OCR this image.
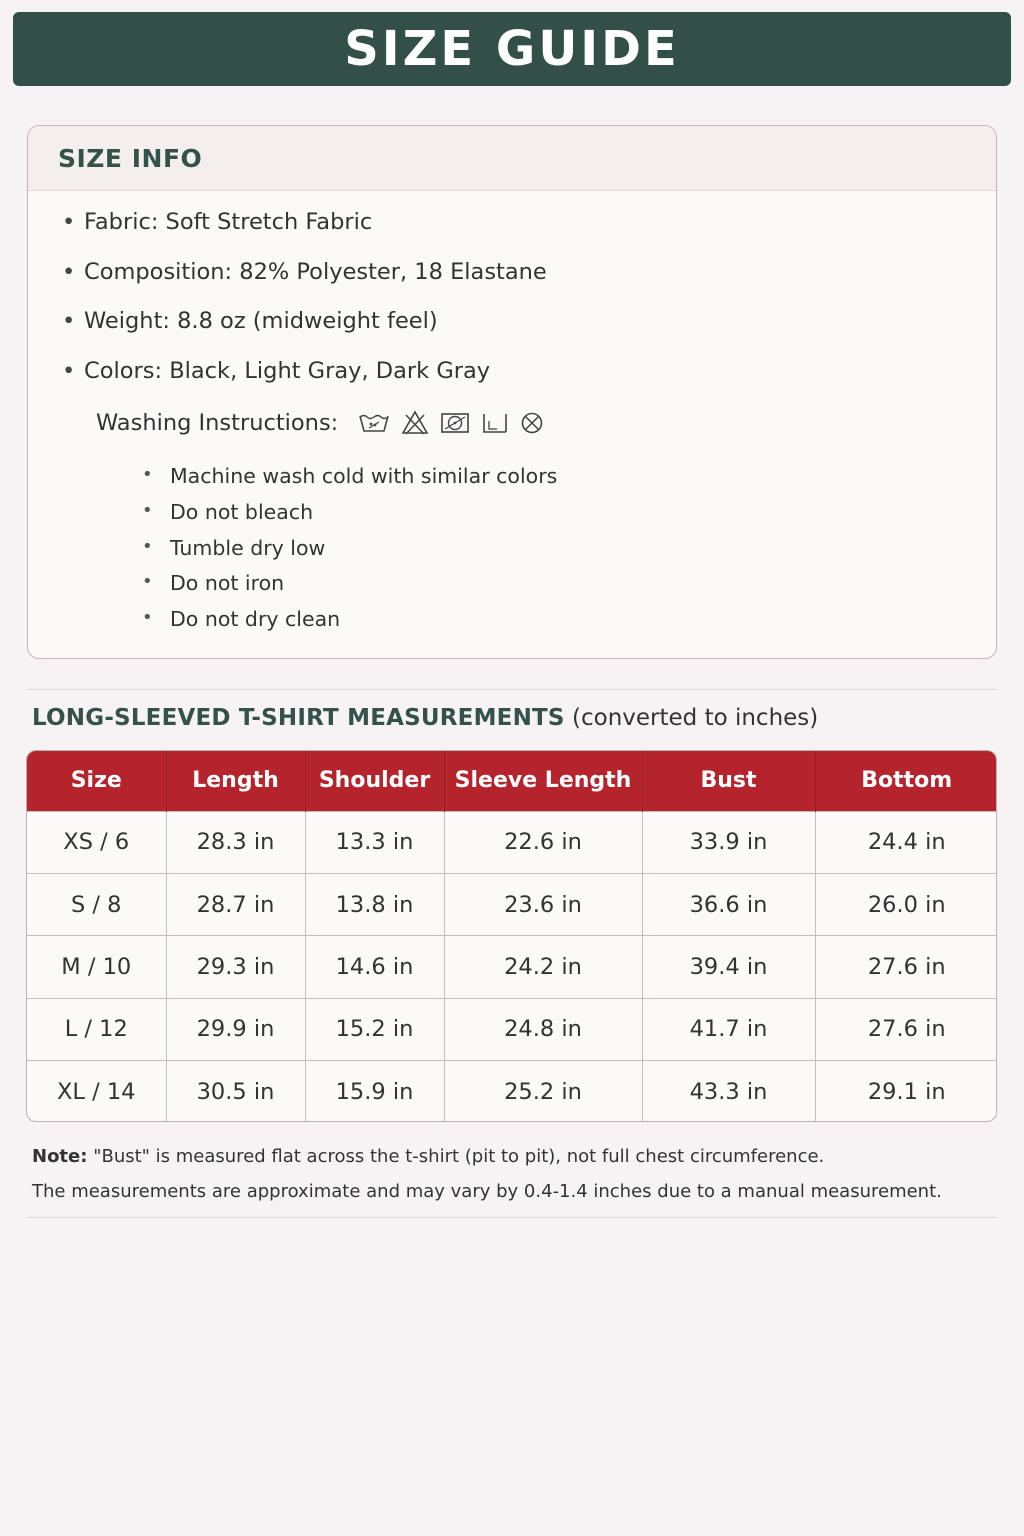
SIZE GUIDE
SIZE INFO
• Fabric: Soft Stretch Fabric
• Composition: 82% Polyester, 18 Elastane
• Weight: 8.8 oz (midweight feel)
• Colors: Black, Light Gray, Dark Gray
Washing Instructions:
• Machine wash cold with similar colors
• Do not bleach
• Tumble dry low
• Do not iron
• Do not dry clean
LONG-SLEEVED T-SHIRT MEASUREMENTS (converted to inches)
Size	Length	Shoulder	Sleeve Length	Bust	Bottom
XS / 6	28.3 in	13.3 in	22.6 in	33.9 in	24.4 in
S / 8	28.7 in	13.8 in	23.6 in	36.6 in	26.0 in
M / 10	29.3 in	14.6 in	24.2 in	39.4 in	27.6 in
L / 12	29.9 in	15.2 in	24.8 in	41.7 in	27.6 in
XL / 14	30.5 in	15.9 in	25.2 in	43.3 in	29.1 in
Note: "Bust" is measured flat across the t-shirt (pit to pit), not full chest circumference.
The measurements are approximate and may vary by 0.4-1.4 inches due to a manual measurement.
